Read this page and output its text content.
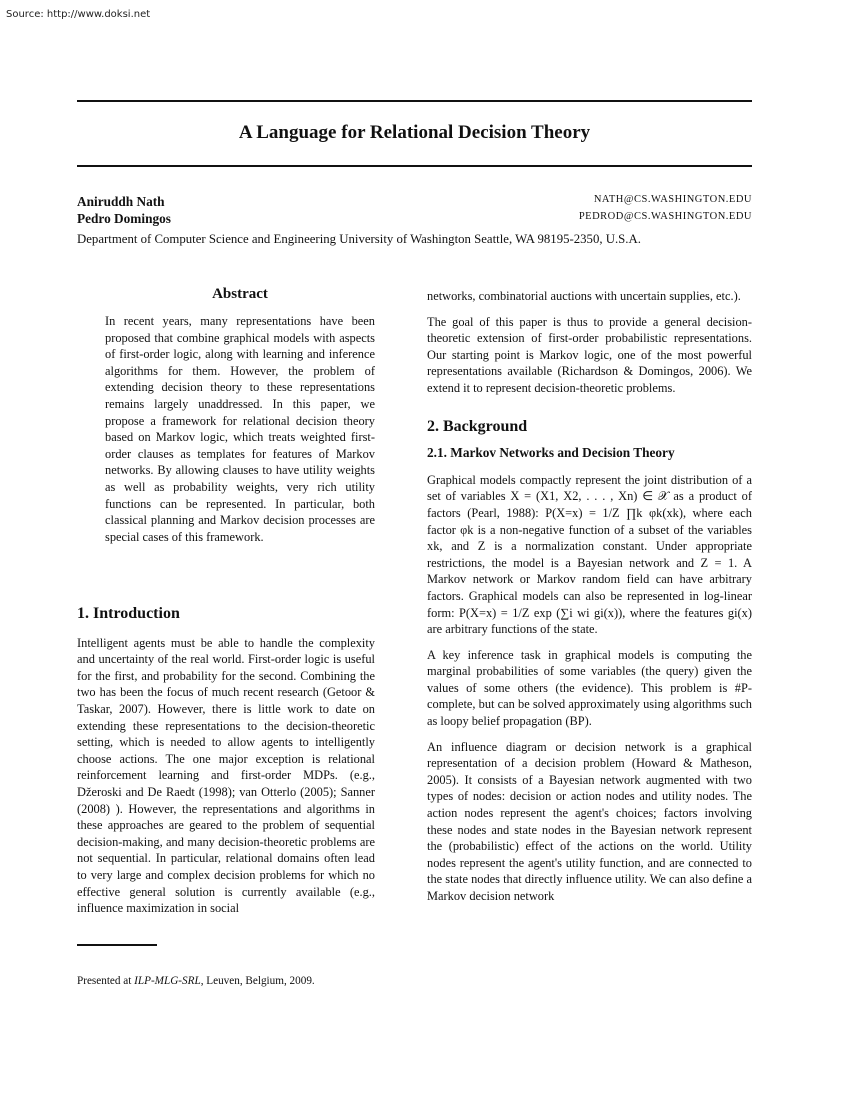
Source: http://www.doksi.net
A Language for Relational Decision Theory
Aniruddh Nath	NATH@CS.WASHINGTON.EDU
Pedro Domingos	PEDROD@CS.WASHINGTON.EDU
Department of Computer Science and Engineering University of Washington Seattle, WA 98195-2350, U.S.A.
Abstract

In recent years, many representations have been proposed that combine graphical models with aspects of first-order logic, along with learning and inference algorithms for them. However, the problem of extending decision theory to these representations remains largely unaddressed. In this paper, we propose a framework for relational decision theory based on Markov logic, which treats weighted first-order clauses as templates for features of Markov networks. By allowing clauses to have utility weights as well as probability weights, very rich utility functions can be represented. In particular, both classical planning and Markov decision processes are special cases of this framework.

1. Introduction

Intelligent agents must be able to handle the complexity and uncertainty of the real world. First-order logic is useful for the first, and probability for the second. Combining the two has been the focus of much recent research (Getoor & Taskar, 2007). However, there is little work to date on extending these representations to the decision-theoretic setting, which is needed to allow agents to intelligently choose actions. The one major exception is relational reinforcement learning and first-order MDPs. (e.g., Džeroski and De Raedt (1998); van Otterlo (2005); Sanner (2008) ). However, the representations and algorithms in these approaches are geared to the problem of sequential decision-making, and many decision-theoretic problems are not sequential. In particular, relational domains often lead to very large and complex decision problems for which no effective general solution is currently available (e.g., influence maximization in social

Presented at ILP-MLG-SRL, Leuven, Belgium, 2009.

networks, combinatorial auctions with uncertain supplies, etc.).

The goal of this paper is thus to provide a general decision-theoretic extension of first-order probabilistic representations. Our starting point is Markov logic, one of the most powerful representations available (Richardson & Domingos, 2006). We extend it to represent decision-theoretic problems.

2. Background
2.1. Markov Networks and Decision Theory

Graphical models compactly represent the joint distribution of a set of variables X = (X1, X2, . . . , Xn) ∈ 𝒳 as a product of factors (Pearl, 1988): P(X=x) = 1/Z ∏k φk(xk), where each factor φk is a non-negative function of a subset of the variables xk, and Z is a normalization constant. Under appropriate restrictions, the model is a Bayesian network and Z = 1. A Markov network or Markov random field can have arbitrary factors. Graphical models can also be represented in log-linear form: P(X=x) = 1/Z exp (∑i wi gi(x)), where the features gi(x) are arbitrary functions of the state.

A key inference task in graphical models is computing the marginal probabilities of some variables (the query) given the values of some others (the evidence). This problem is #P-complete, but can be solved approximately using algorithms such as loopy belief propagation (BP).

An influence diagram or decision network is a graphical representation of a decision problem (Howard & Matheson, 2005). It consists of a Bayesian network augmented with two types of nodes: decision or action nodes and utility nodes. The action nodes represent the agent's choices; factors involving these nodes and state nodes in the Bayesian network represent the (probabilistic) effect of the actions on the world. Utility nodes represent the agent's utility function, and are connected to the state nodes that directly influence utility. We can also define a Markov decision network
